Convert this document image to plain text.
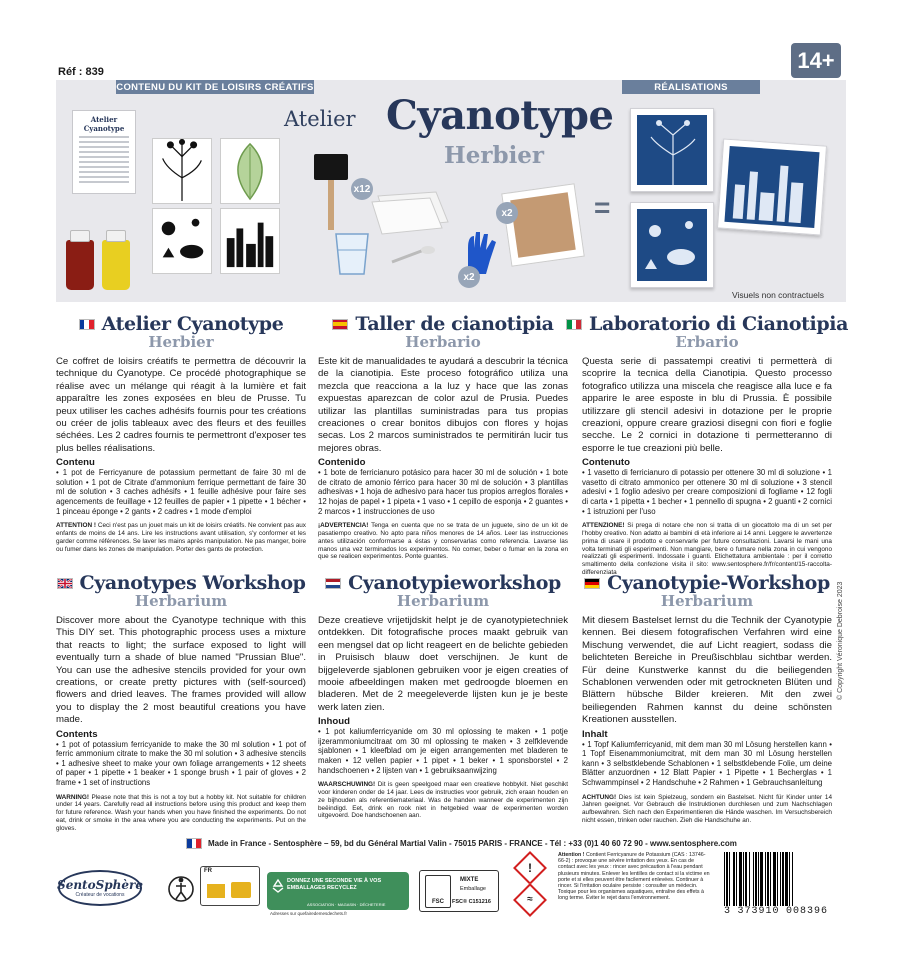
Réf : 839	14+
CONTENU DU KIT DE LOISIRS CRÉATIFS	RÉALISATIONS
Atelier Cyanotype
Herbier
Atelier Cyanotype
x12
x2
x2	=
Visuels non contractuels
Atelier Cyanotype
Herbier
Ce coffret de loisirs créatifs te permettra de découvrir la technique du Cyanotype. Ce procédé photographique se réalise avec un mélange qui réagit à la lumière et fait apparaître les zones exposées en bleu de Prusse. Tu peux utiliser les caches adhésifs fournis pour tes créations ou créer de jolis tableaux avec des fleurs et des feuilles séchées. Les 2 cadres fournis te permettront d'exposer tes plus belles réalisations.
Contenu
• 1 pot de Ferricyanure de potassium permettant de faire 30 ml de solution • 1 pot de Citrate d'ammonium ferrique permettant de faire 30 ml de solution • 3 caches adhésifs • 1 feuille adhésive pour faire ses agencements de feuillage • 12 feuilles de papier • 1 pipette • 1 bécher • 1 pinceau éponge • 2 gants • 2 cadres • 1 mode d'emploi
ATTENTION ! Ceci n'est pas un jouet mais un kit de loisirs créatifs. Ne convient pas aux enfants de moins de 14 ans. Lire les instructions avant utilisation, s'y conformer et les garder comme références. Se laver les mains après manipulation. Ne pas manger, boire ou fumer dans les zones de manipulation. Porter des gants de protection.
Taller de cianotipia
Herbario
Este kit de manualidades te ayudará a descubrir la técnica de la cianotipia. Este proceso fotográfico utiliza una mezcla que reacciona a la luz y hace que las zonas expuestas aparezcan de color azul de Prusia. Puedes utilizar las plantillas suministradas para tus propias creaciones o crear bonitos dibujos con flores y hojas secas. Los 2 marcos suministrados te permitirán lucir tus mejores obras.
Contenido
• 1 bote de ferricianuro potásico para hacer 30 ml de solución • 1 bote de citrato de amonio férrico para hacer 30 ml de solución • 3 plantillas adhesivas • 1 hoja de adhesivo para hacer tus propios arreglos florales • 12 hojas de papel • 1 pipeta • 1 vaso • 1 cepillo de esponja • 2 guantes • 2 marcos • 1 instrucciones de uso
¡ADVERTENCIA! Tenga en cuenta que no se trata de un juguete, sino de un kit de pasatiempo creativo. No apto para niños menores de 14 años. Leer las instrucciones antes utilización conformarse a éstas y conservarlas como referencia. Lavarse las manos una vez terminados los experimentos. No comer, beber o fumar en la zona en que se realicen experimentos. Ponte guantes.
Laboratorio di Cianotipia
Erbario
Questa serie di passatempi creativi ti permetterà di scoprire la tecnica della Cianotipia. Questo processo fotografico utilizza una miscela che reagisce alla luce e fa apparire le aree esposte in blu di Prussia. È possibile utilizzare gli stencil adesivi in dotazione per le proprie creazioni, oppure creare graziosi disegni con fiori e foglie secche. Le 2 cornici in dotazione ti permetteranno di esporre le tue creazioni più belle.
Contenuto
• 1 vasetto di ferricianuro di potassio per ottenere 30 ml di soluzione • 1 vasetto di citrato ammonico per ottenere 30 ml di soluzione • 3 stencil adesivi • 1 foglio adesivo per creare composizioni di fogliame • 12 fogli di carta • 1 pipetta • 1 becher • 1 pennello di spugna • 2 guanti • 2 cornici • 1 istruzioni per l'uso
ATTENZIONE! Si prega di notare che non si tratta di un giocattolo ma di un set per l'hobby creativo. Non adatto ai bambini di età inferiore ai 14 anni. Leggere le avvertenze prima di usare il prodotto e conservarle per future consultazioni. Lavarsi le mani una volta terminati gli esperimenti. Non mangiare, bere o fumare nella zona in cui vengono realizzati gli esperimenti. Indossate i guanti. Etichettatura ambientale : per il corretto smaltimento della confezione visita il sito: www.sentosphere.fr/fr/content/15-raccolta-differenziata
Cyanotypes Workshop
Herbarium
Discover more about the Cyanotype technique with this This DIY set. This photographic process uses a mixture that reacts to light; the surface exposed to light will eventually turn a shade of blue named "Prussian Blue". You can use the adhesive stencils provided for your own creations, or create pretty pictures with (self-sourced) flowers and dried leaves. The frames provided will allow you to display the 2 most beautiful creations you have made.
Contents
• 1 pot of potassium ferricyanide to make the 30 ml solution • 1 pot of ferric ammonium citrate to make the 30 ml solution • 3 adhesive stencils • 1 adhesive sheet to make your own foliage arrangements • 12 sheets of paper • 1 pipette • 1 beaker • 1 sponge brush • 1 pair of gloves • 2 frame • 1 set of instructions
WARNING! Please note that this is not a toy but a hobby kit. Not suitable for children under 14 years. Carefully read all instructions before using this product and keep them for future reference. Wash your hands when you have finished the experiments. Do not eat, drink or smoke in the area where you are conducting the experiments. Put on the gloves.
Cyanotypieworkshop
Herbarium
Deze creatieve vrijetijdskit helpt je de cyanotypietechniek ontdekken. Dit fotografische proces maakt gebruik van een mengsel dat op licht reageert en de belichte gebieden in Pruisisch blauw doet verschijnen. Je kunt de bijgeleverde sjablonen gebruiken voor je eigen creaties of mooie afbeeldingen maken met gedroogde bloemen en bladeren. Met de 2 meegeleverde lijsten kun je je beste werk laten zien.
Inhoud
• 1 pot kaliumferricyanide om 30 ml oplossing te maken • 1 potje ijzerammoniumcitraat om 30 ml oplossing te maken • 3 zelfklevende sjablonen • 1 kleefblad om je eigen arrangementen met bladeren te maken • 12 vellen papier • 1 pipet • 1 beker • 1 sponsborstel • 2 handschoenen • 2 lijsten van • 1 gebruiksaanwijzing
WAARSCHUWING! Dit is geen speelgoed maar een creatieve hobbykit. Niet geschikt voor kinderen onder de 14 jaar. Lees de instructies voor gebruik, zich eraan houden en ze bijhouden als referentiemateriaal. Was de handen wanneer de experimenten zijn beëindigd. Eet, drink en rook niet in hetgebied waar de experimenten worden uitgevoerd. Doe handschoenen aan.
Cyanotypie-Workshop
Herbarium
Mit diesem Bastelset lernst du die Technik der Cyanotypie kennen. Bei diesem fotografischen Verfahren wird eine Mischung verwendet, die auf Licht reagiert, sodass die belichteten Bereiche in Preußischblau sichtbar werden. Für deine Kunstwerke kannst du die beiliegenden Schablonen verwenden oder mit getrockneten Blüten und Blättern hübsche Bilder kreieren. Mit den zwei beiliegenden Rahmen kannst du deine schönsten Kreationen ausstellen.
Inhalt
• 1 Topf Kaliumferricyanid, mit dem man 30 ml Lösung herstellen kann • 1 Topf Eisenammoniumcitrat, mit dem man 30 ml Lösung herstellen kann • 3 selbstklebende Schablonen • 1 selbstklebende Folie, um deine Blätter anzuordnen • 12 Blatt Papier • 1 Pipette • 1 Becherglas • 1 Schwammpinsel • 2 Handschuhe • 2 Rahmen • 1 Gebrauchsanleitung
ACHTUNG! Dies ist kein Spielzeug, sondern ein Bastelset. Nicht für Kinder unter 14 Jahren geeignet. Vor Gebrauch die Instruktionen durchlesen und zum Nachschlagen aufbewahren. Sich nach den Experimentieren die Hände waschen. Im Versuchsbereich nicht essen, trinken oder rauchen. Zieh die Handschuhe an.
© Copyright Véronique Debroise 2023
Made in France - Sentosphère – 59, bd du Général Martial Valin - 75015 PARIS - FRANCE - Tél : +33 (0)1 40 60 72 90 - www.sentosphere.com
SentoSphère
Créateur de vocations
FR
DONNEZ UNE SECONDE VIE À VOS EMBALLAGES RECYCLEZ
ASSOCIATION · MAGASIN · DÉCHETERIE
Adresses sur quefairedemesdechets.fr
FSC
MIXTE
Emballage
FSC® C151216
!
≈
Attention ! Contient Ferricyanure de Potassium (CAS : 13746-66-2) : provoque une sévère irritation des yeux. En cas de contact avec les yeux : rincer avec précaution à l'eau pendant plusieurs minutes. Enlever les lentilles de contact si la victime en porte et si elles peuvent être facilement enlevées. Continuer à rincer. Si l'irritation oculaire persiste : consulter un médecin. Toxique pour les organismes aquatiques, entraîne des effets à long terme. Éviter le rejet dans l'environnement.
3 373910 008396
